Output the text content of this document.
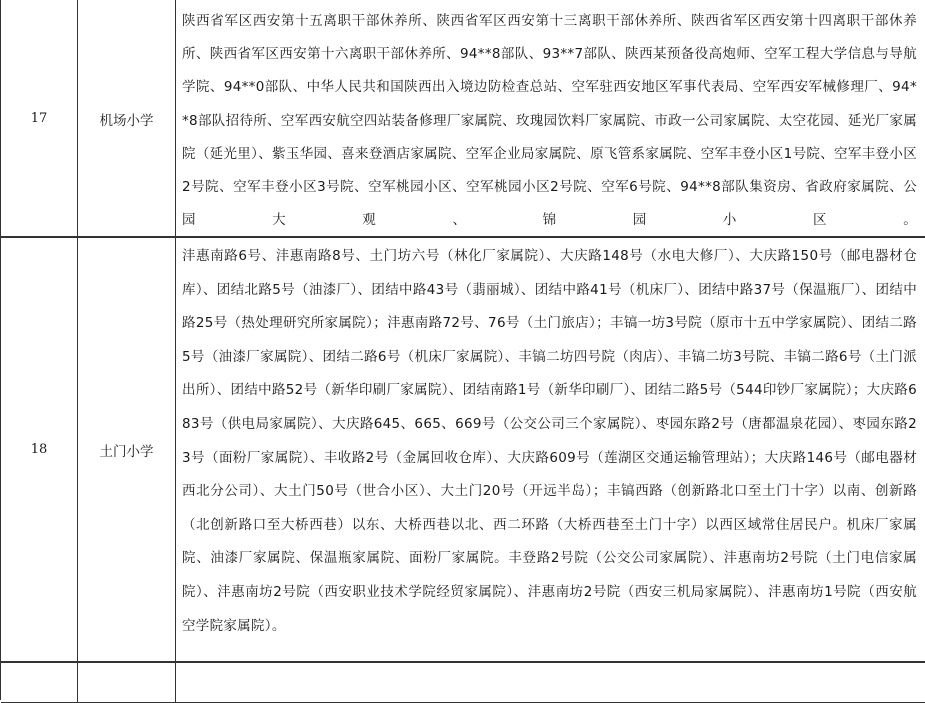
17	机场小学
陕西省军区西安第十五离职干部休养所、陕西省军区西安第十三离职干部休养所、陕西省军区西安第十四离职干部休养所、陕西省军区西安第十六离职干部休养所、94**8部队、93**7部队、陕西某预备役高炮师、空军工程大学信息与导航学院、94**0部队、中华人民共和国陕西出入境边防检查总站、空军驻西安地区军事代表局、空军西安军械修理厂、94**8部队招待所、空军西安航空四站装备修理厂家属院、玫瑰园饮料厂家属院、市政一公司家属院、太空花园、延光厂家属院（延光里）、紫玉华园、喜来登酒店家属院、空军企业局家属院、原飞管系家属院、空军丰登小区1号院、空军丰登小区2号院、空军丰登小区3号院、空军桃园小区、空军桃园小区2号院、空军6号院、94**8部队集资房、省政府家属院、公园大观、锦园小区。
18	土门小学
沣惠南路6号、沣惠南路8号、土门坊六号（林化厂家属院）、大庆路148号（水电大修厂）、大庆路150号（邮电器材仓库）、团结北路5号（油漆厂）、团结中路43号（翡丽城）、团结中路41号（机床厂）、团结中路37号（保温瓶厂）、团结中路25号（热处理研究所家属院）；沣惠南路72号、76号（土门旅店）；丰镐一坊3号院（原市十五中学家属院）、团结二路5号（油漆厂家属院）、团结二路6号（机床厂家属院）、丰镐二坊四号院（肉店）、丰镐二坊3号院、丰镐二路6号（土门派出所）、团结中路52号（新华印刷厂家属院）、团结南路1号（新华印刷厂）、团结二路5号（544印钞厂家属院）；大庆路683号（供电局家属院）、大庆路645、665、669号（公交公司三个家属院）、枣园东路2号（唐都温泉花园）、枣园东路23号（面粉厂家属院）、丰收路2号（金属回收仓库）、大庆路609号（莲湖区交通运输管理站）；大庆路146号（邮电器材西北分公司）、大土门50号（世合小区）、大土门20号（开远半岛）；丰镐西路（创新路北口至土门十字）以南、创新路（北创新路口至大桥西巷）以东、大桥西巷以北、西二环路（大桥西巷至土门十字）以西区域常住居民户。机床厂家属院、油漆厂家属院、保温瓶家属院、面粉厂家属院。丰登路2号院（公交公司家属院）、沣惠南坊2号院（土门电信家属院）、沣惠南坊2号院（西安职业技术学院经贸家属院）、沣惠南坊2号院（西安三机局家属院）、沣惠南坊1号院（西安航空学院家属院）。
